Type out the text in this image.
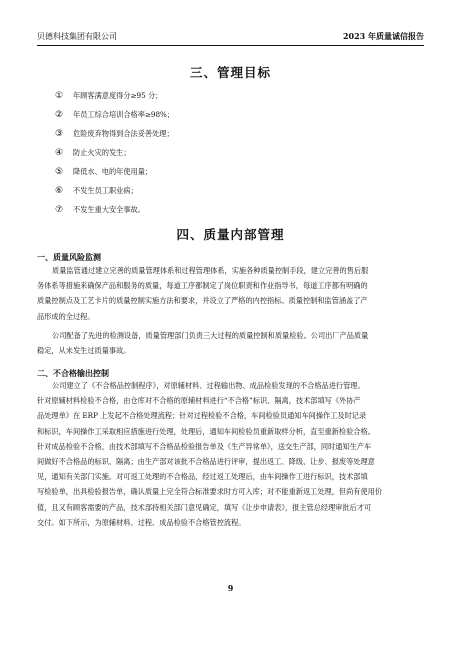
贝德科技集团有限公司	2023 年质量诚信报告
三、管理目标
① 年顾客满意度得分≥95 分；
② 年员工综合培训合格率≥98%；
③ 危险废弃物得到合法妥善处理；
④ 防止火灾的发生；
⑤ 降低水、电的年使用量；
⑥ 不发生员工职业病；
⑦ 不发生重大安全事故。
四、质量内部管理
一、质量风险监测
质量监管通过建立完善的质量管理体系和过程管理体系，实施各种质量控制手段，建立完善的售后服
务体系等措施来确保产品和服务的质量，每道工序都制定了岗位职责和作业指导书，每道工序都有明确的
质量控制点及工艺卡片的质量控制实施方法和要求，并设立了严格的内控指标。质量控制和监管涵盖了产
品形成的全过程。
公司配备了先进的检测设备，质量管理部门负责三大过程的质量控制和质量检验。公司出厂产品质量
稳定，从未发生过质量事故。
二、不合格输出控制
公司建立了《不合格品控制程序》，对原辅材料、过程输出物、成品检验发现的不合格品进行管理。
针对原辅材料检验不合格，由仓库对不合格的原辅材料进行“不合格”标识、隔离，技术部填写《外协产
品处理单》在 ERP 上发起不合格处理流程；针对过程检验不合格，车间检验员通知车间操作工及时记录
和标识，车间操作工采取相应措施进行处理，处理后，通知车间检验员重新取样分析，直至重新检验合格。
针对成品检验不合格，由技术部填写不合格品检验报告单及《生产异常单》，送交生产部，同时通知生产车
间做好不合格品的标识、隔离；由生产部对该批不合格品进行评审，提出返工、降级、让步、报废等处理意
见，通知有关部门实施。对可返工处理的不合格品，经过返工处理后，由车间操作工进行标识，技术部填
写检验单，出具检验报告单，确认质量上完全符合标准要求时方可入库；对不能重新返工处理，但尚有使用价
值，且又有顾客需要的产品，技术部持相关部门意见确定，填写《让步申请表》，报主管总经理审批后才可
交付。如下所示，为原辅材料、过程、成品检验不合格管控流程。
9
